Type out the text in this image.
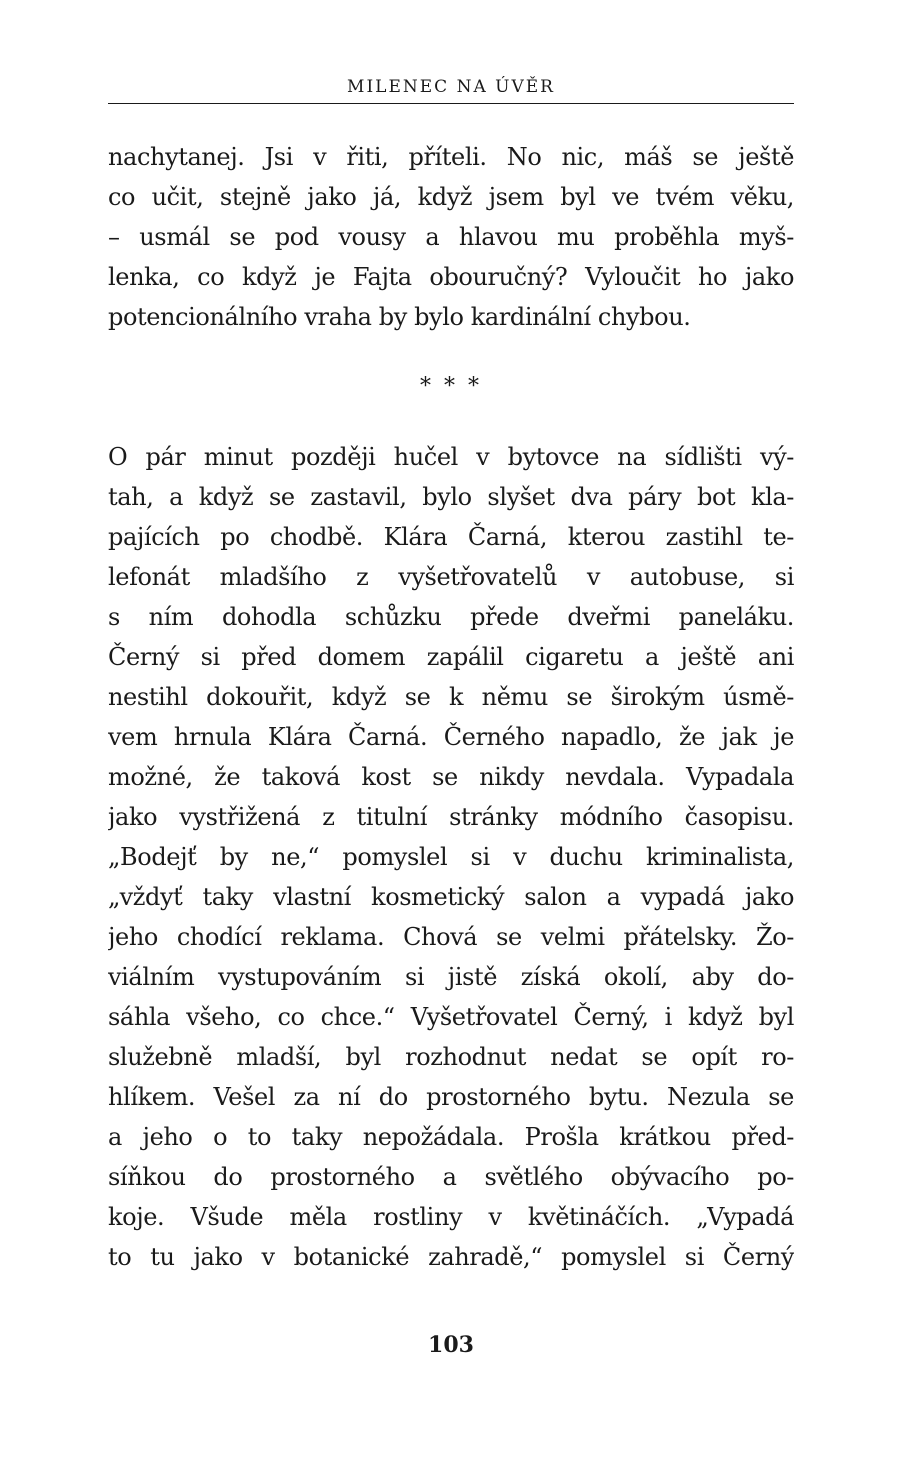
MILENEC NA ÚVĚR
nachytanej. Jsi v řiti, příteli. No nic, máš se ještě
co učit, stejně jako já, když jsem byl ve tvém věku,
– usmál se pod vousy a hlavou mu proběhla myš-
lenka, co když je Fajta obouručný? Vyloučit ho jako
potencionálního vraha by bylo kardinální chybou.
* * *
O pár minut později hučel v bytovce na sídlišti vý-
tah, a když se zastavil, bylo slyšet dva páry bot kla-
pajících po chodbě. Klára Čarná, kterou zastihl te-
lefonát mladšího z vyšetřovatelů v autobuse, si
s ním dohodla schůzku přede dveřmi paneláku.
Černý si před domem zapálil cigaretu a ještě ani
nestihl dokouřit, když se k němu se širokým úsmě-
vem hrnula Klára Čarná. Černého napadlo, že jak je
možné, že taková kost se nikdy nevdala. Vypadala
jako vystřižená z titulní stránky módního časopisu.
„Bodejť by ne,“ pomyslel si v duchu kriminalista,
„vždyť taky vlastní kosmetický salon a vypadá jako
jeho chodící reklama. Chová se velmi přátelsky. Žo-
viálním vystupováním si jistě získá okolí, aby do-
sáhla všeho, co chce.“ Vyšetřovatel Černý, i když byl
služebně mladší, byl rozhodnut nedat se opít ro-
hlíkem. Vešel za ní do prostorného bytu. Nezula se
a jeho o to taky nepožádala. Prošla krátkou před-
síňkou do prostorného a světlého obývacího po-
koje. Všude měla rostliny v květináčích. „Vypadá
to tu jako v botanické zahradě,“ pomyslel si Černý
103
